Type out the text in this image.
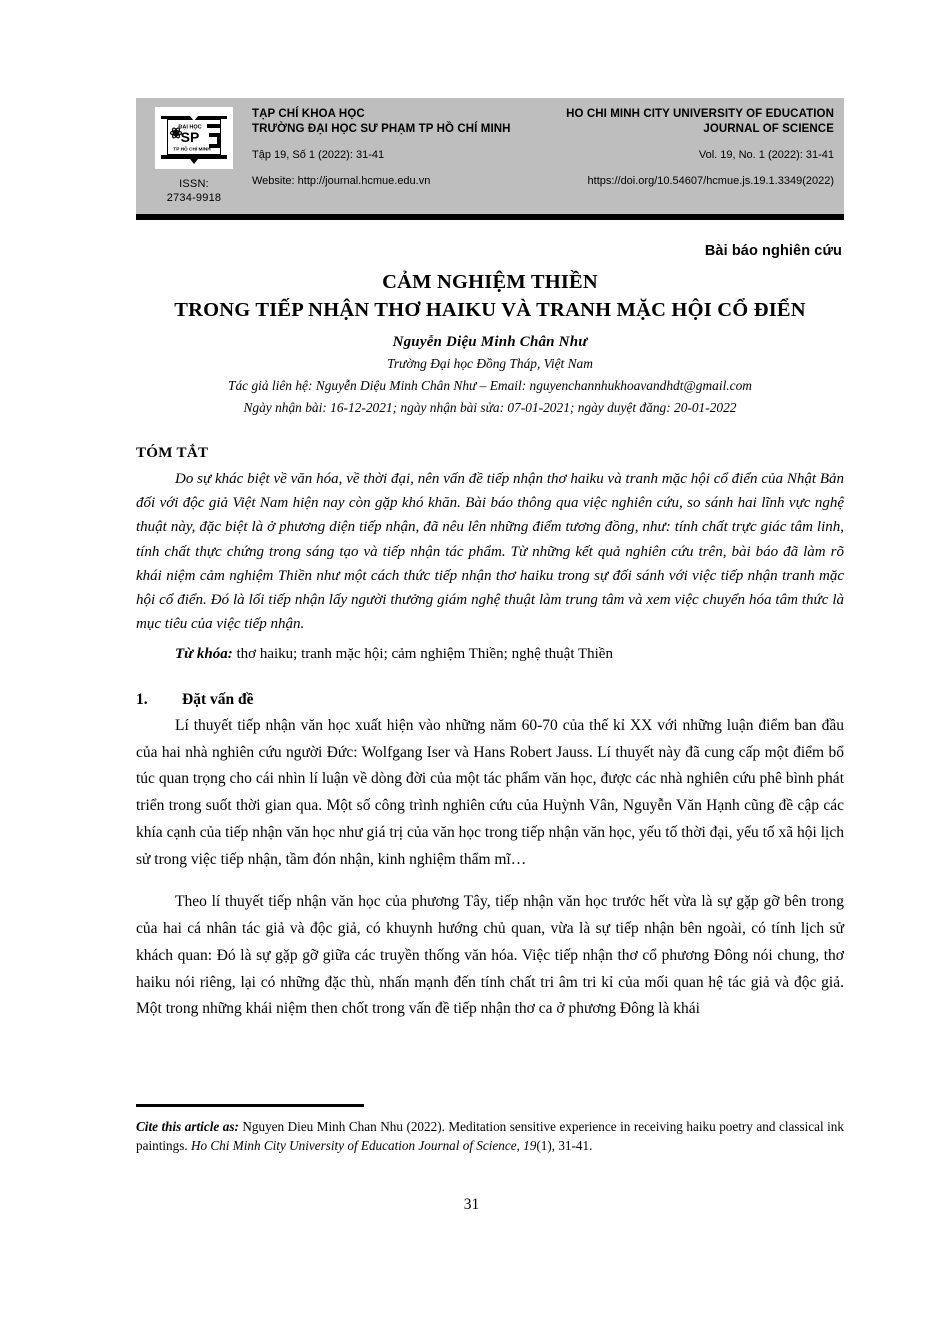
ĐẠI HỌC
SP
TP HỒ CHÍ MINH
ISSN:
2734-9918
TẠP CHÍ KHOA HỌC
TRƯỜNG ĐẠI HỌC SƯ PHẠM TP HỒ CHÍ MINH
Tập 19, Số 1 (2022): 31-41
Website: http://journal.hcmue.edu.vn
HO CHI MINH CITY UNIVERSITY OF EDUCATION
JOURNAL OF SCIENCE
Vol. 19, No. 1 (2022): 31-41
https://doi.org/10.54607/hcmue.js.19.1.3349(2022)
Bài báo nghiên cứu
CẢM NGHIỆM THIỀN
TRONG TIẾP NHẬN THƠ HAIKU VÀ TRANH MẶC HỘI CỔ ĐIỂN
Nguyễn Diệu Minh Chân Như
Trường Đại học Đồng Tháp, Việt Nam
Tác giả liên hệ: Nguyễn Diệu Minh Chân Như – Email: nguyenchannhukhoavandhdt@gmail.com
Ngày nhận bài: 16-12-2021; ngày nhận bài sửa: 07-01-2021; ngày duyệt đăng: 20-01-2022
TÓM TẮT
Do sự khác biệt về văn hóa, về thời đại, nên vấn đề tiếp nhận thơ haiku và tranh mặc hội cổ điển của Nhật Bản đối với độc giả Việt Nam hiện nay còn gặp khó khăn. Bài báo thông qua việc nghiên cứu, so sánh hai lĩnh vực nghệ thuật này, đặc biệt là ở phương diện tiếp nhận, đã nêu lên những điểm tương đồng, như: tính chất trực giác tâm linh, tính chất thực chứng trong sáng tạo và tiếp nhận tác phẩm. Từ những kết quả nghiên cứu trên, bài báo đã làm rõ khái niệm cảm nghiệm Thiền như một cách thức tiếp nhận thơ haiku trong sự đối sánh với việc tiếp nhận tranh mặc hội cổ điển. Đó là lối tiếp nhận lấy người thưởng giám nghệ thuật làm trung tâm và xem việc chuyển hóa tâm thức là mục tiêu của việc tiếp nhận.
Từ khóa: thơ haiku; tranh mặc hội; cảm nghiệm Thiền; nghệ thuật Thiền
1.	Đặt vấn đề

Lí thuyết tiếp nhận văn học xuất hiện vào những năm 60-70 của thế kỉ XX với những luận điểm ban đầu của hai nhà nghiên cứu người Đức: Wolfgang Iser và Hans Robert Jauss. Lí thuyết này đã cung cấp một điểm bổ túc quan trọng cho cái nhìn lí luận về dòng đời của một tác phẩm văn học, được các nhà nghiên cứu phê bình phát triển trong suốt thời gian qua. Một số công trình nghiên cứu của Huỳnh Vân, Nguyễn Văn Hạnh cũng đề cập các khía cạnh của tiếp nhận văn học như giá trị của văn học trong tiếp nhận văn học, yếu tố thời đại, yếu tố xã hội lịch sử trong việc tiếp nhận, tầm đón nhận, kinh nghiệm thẩm mĩ…

Theo lí thuyết tiếp nhận văn học của phương Tây, tiếp nhận văn học trước hết vừa là sự gặp gỡ bên trong của hai cá nhân tác giả và độc giả, có khuynh hướng chủ quan, vừa là sự tiếp nhận bên ngoài, có tính lịch sử khách quan: Đó là sự gặp gỡ giữa các truyền thống văn hóa. Việc tiếp nhận thơ cổ phương Đông nói chung, thơ haiku nói riêng, lại có những đặc thù, nhấn mạnh đến tính chất tri âm tri kỉ của mối quan hệ tác giả và độc giả. Một trong những khái niệm then chốt trong vấn đề tiếp nhận thơ ca ở phương Đông là khái

Cite this article as: Nguyen Dieu Minh Chan Nhu (2022). Meditation sensitive experience in receiving haiku poetry and classical ink paintings. Ho Chi Minh City University of Education Journal of Science, 19(1), 31-41.
31
